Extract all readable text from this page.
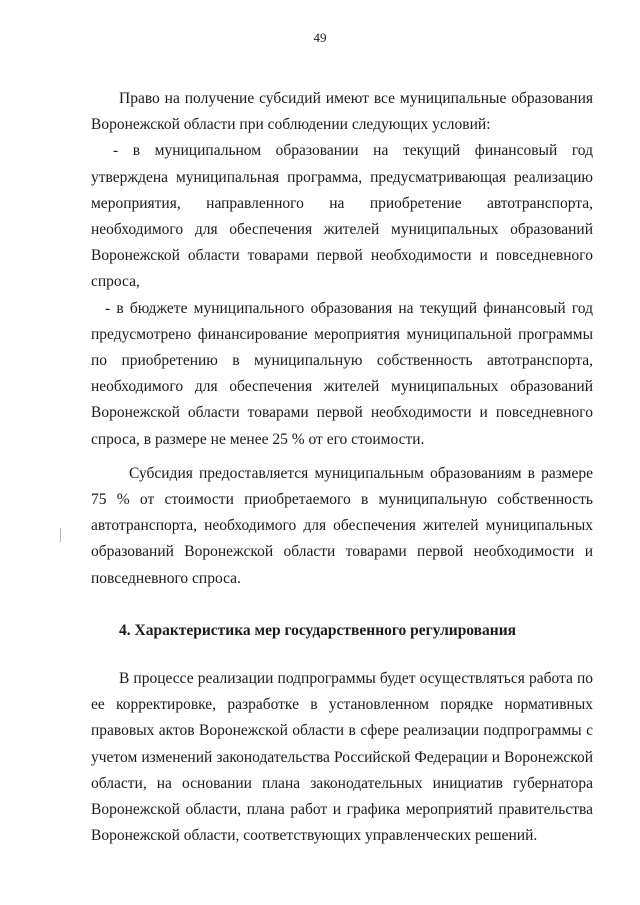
49

Право на получение субсидий имеют все муниципальные образования Воронежской области при соблюдении следующих условий:

- в муниципальном образовании на текущий финансовый год утверждена муниципальная программа, предусматривающая реализацию мероприятия, направленного на приобретение автотранспорта, необходимого для обеспечения жителей муниципальных образований Воронежской области товарами первой необходимости и повседневного спроса,

- в бюджете муниципального образования на текущий финансовый год предусмотрено финансирование мероприятия муниципальной программы по приобретению в муниципальную собственность автотранспорта, необходимого для обеспечения жителей муниципальных образований Воронежской области товарами первой необходимости и повседневного спроса, в размере не менее 25 % от его стоимости.

Субсидия предоставляется муниципальным образованиям в размере 75 % от стоимости приобретаемого в муниципальную собственность автотранспорта, необходимого для обеспечения жителей муниципальных образований Воронежской области товарами первой необходимости и повседневного спроса.

4. Характеристика мер государственного регулирования

В процессе реализации подпрограммы будет осуществляться работа по ее корректировке, разработке в установленном порядке нормативных правовых актов Воронежской области в сфере реализации подпрограммы с учетом изменений законодательства Российской Федерации и Воронежской области, на основании плана законодательных инициатив губернатора Воронежской области, плана работ и графика мероприятий правительства Воронежской области, соответствующих управленческих решений.
